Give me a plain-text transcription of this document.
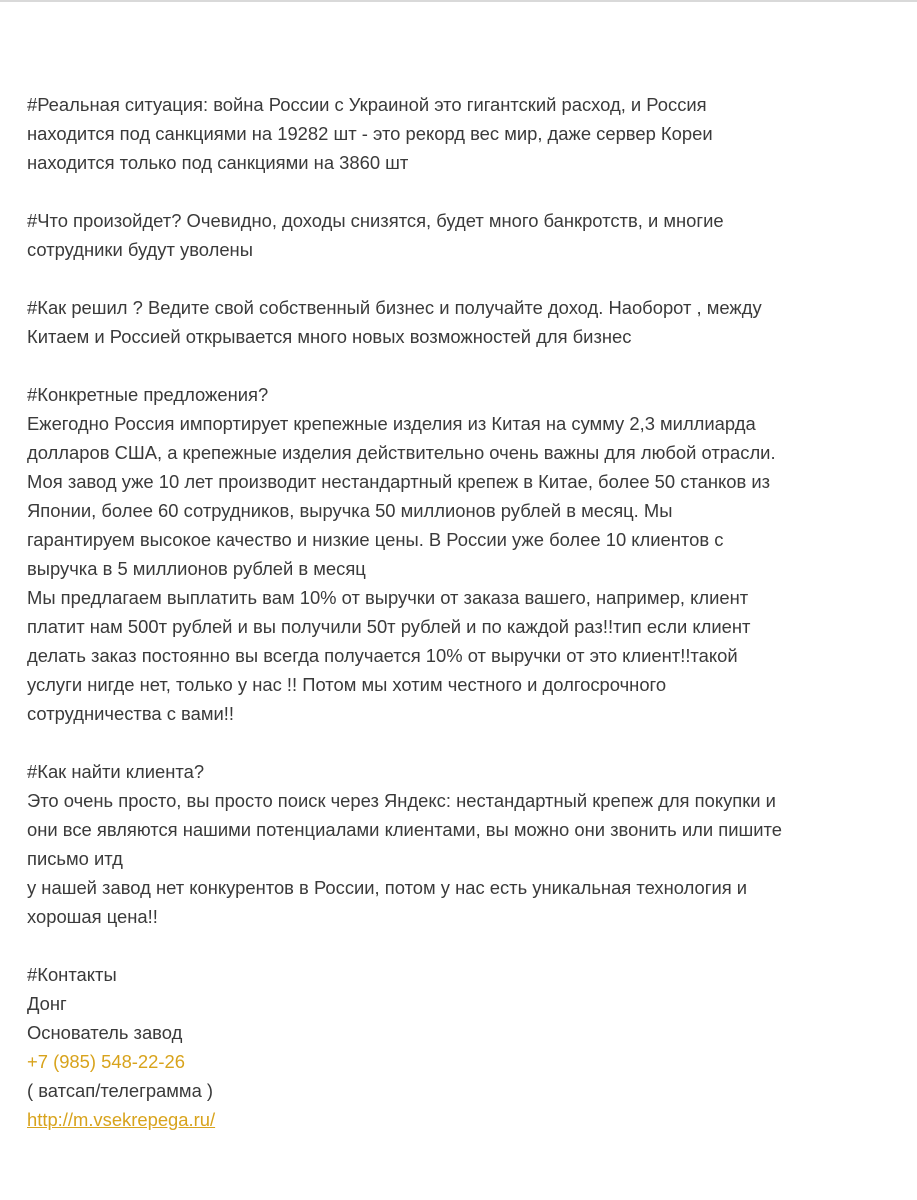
#Реальная ситуация: война России с Украиной это гигантский расход, и Россия
находится под санкциями на 19282 шт - это рекорд вес мир, даже сервер Кореи
находится только под санкциями на 3860 шт
#Что произойдет? Очевидно, доходы снизятся, будет много банкротств, и многие
сотрудники будут уволены
#Как решил ? Ведите свой собственный бизнес и получайте доход. Наоборот , между
Китаем и Россией открывается много новых возможностей для бизнес
#Конкретные предложения?
Ежегодно Россия импортирует крепежные изделия из Китая на сумму 2,3 миллиарда
долларов США, а крепежные изделия действительно очень важны для любой отрасли.
Моя завод уже 10 лет производит нестандартный крепеж в Китае, более 50 станков из
Японии, более 60 сотрудников, выручка 50 миллионов рублей в месяц. Мы
гарантируем высокое качество и низкие цены. В России уже более 10 клиентов с
выручка в 5 миллионов рублей в месяц
Мы предлагаем выплатить вам 10% от выручки от заказа вашего, например, клиент
платит нам 500т рублей и вы получили 50т рублей и по каждой раз!!тип если клиент
делать заказ постоянно вы всегда получается 10% от выручки от это клиент!!такой
услуги нигде нет, только у нас !! Потом мы хотим честного и долгосрочного
сотрудничества с вами!!
#Как найти клиента?
Это очень просто, вы просто поиск через Яндекс: нестандартный крепеж для покупки и
они все являются нашими потенциалами клиентами, вы можно они звонить или пишите
письмо итд
у нашей завод нет конкурентов в России, потом у нас есть уникальная технология и
хорошая цена!!
#Контакты
Донг
Основатель завод
+7 (985) 548-22-26
( ватсап/телеграмма )
http://m.vsekrepega.ru/
